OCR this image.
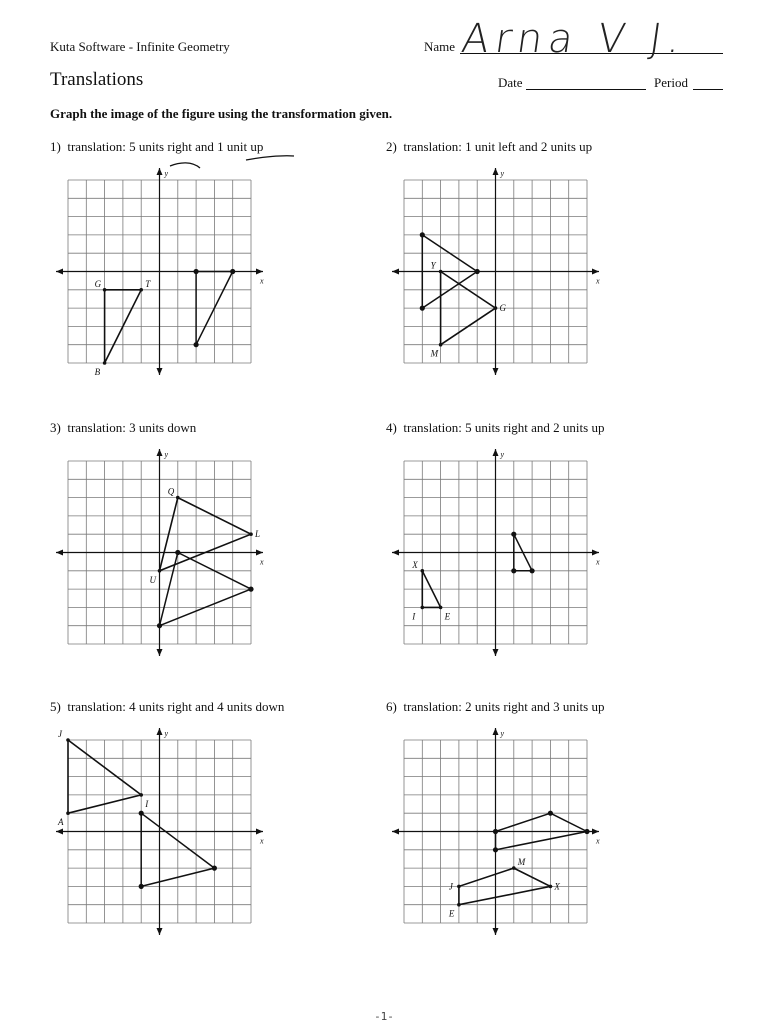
Kuta Software - Infinite Geometry
Translations
Name Arna V J.
Date	Period
Graph the image of the figure using the transformation given.
1) translation: 5 units right and 1 unit up	2) translation: 1 unit left and 2 units up
3) translation: 3 units down	4) translation: 5 units right and 2 units up
5) translation: 4 units right and 4 units down	6) translation: 2 units right and 3 units up
x
y
G	T
B
x
y
Y
G
M
x
y
Q
L
U
x
y
X
I	E
x
y
J
I
A
x
y
M
X
E
J
-1-
